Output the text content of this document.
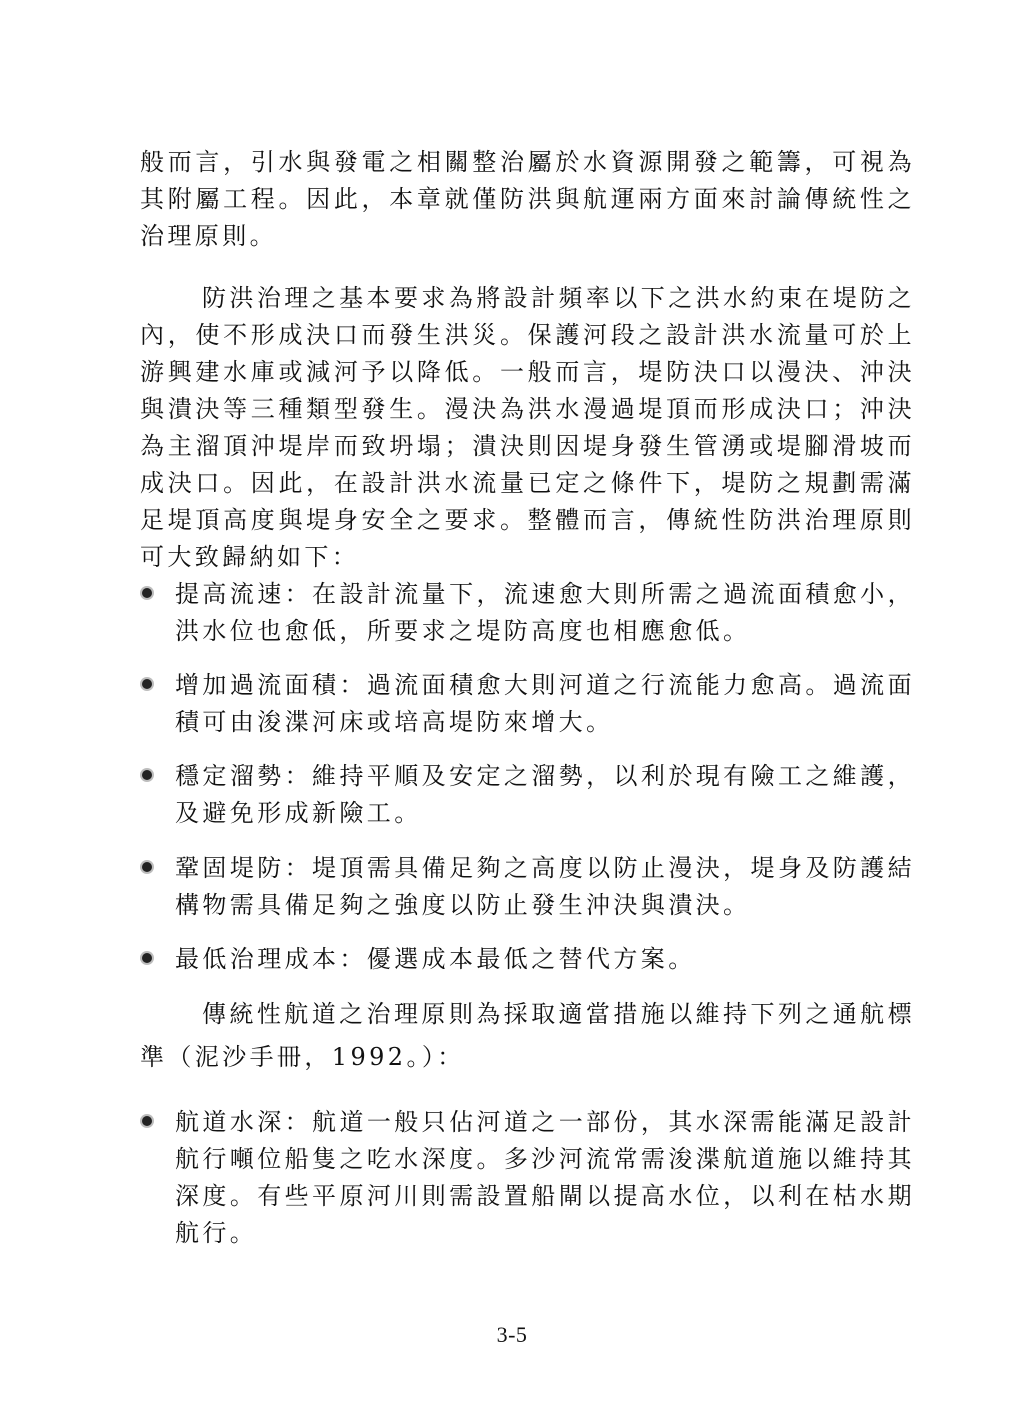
般而言，引水與發電之相關整治屬於水資源開發之範籌，可視為其附屬工程。因此，本章就僅防洪與航運兩方面來討論傳統性之治理原則。

防洪治理之基本要求為將設計頻率以下之洪水約束在堤防之內，使不形成決口而發生洪災。保護河段之設計洪水流量可於上游興建水庫或減河予以降低。一般而言，堤防決口以漫決、沖決與潰決等三種類型發生。漫決為洪水漫過堤頂而形成決口；沖決為主溜頂沖堤岸而致坍塌；潰決則因堤身發生管湧或堤腳滑坡而成決口。因此，在設計洪水流量已定之條件下，堤防之規劃需滿足堤頂高度與堤身安全之要求。整體而言，傳統性防洪治理原則可大致歸納如下：

提高流速：在設計流量下，流速愈大則所需之過流面積愈小，洪水位也愈低，所要求之堤防高度也相應愈低。
增加過流面積：過流面積愈大則河道之行流能力愈高。過流面積可由浚渫河床或培高堤防來增大。
穩定溜勢：維持平順及安定之溜勢，以利於現有險工之維護，及避免形成新險工。
鞏固堤防：堤頂需具備足夠之高度以防止漫決，堤身及防護結構物需具備足夠之強度以防止發生沖決與潰決。
最低治理成本：優選成本最低之替代方案。

傳統性航道之治理原則為採取適當措施以維持下列之通航標準（泥沙手冊，1992。）：

航道水深：航道一般只佔河道之一部份，其水深需能滿足設計航行噸位船隻之吃水深度。多沙河流常需浚渫航道施以維持其深度。有些平原河川則需設置船閘以提高水位，以利在枯水期航行。
3-5
